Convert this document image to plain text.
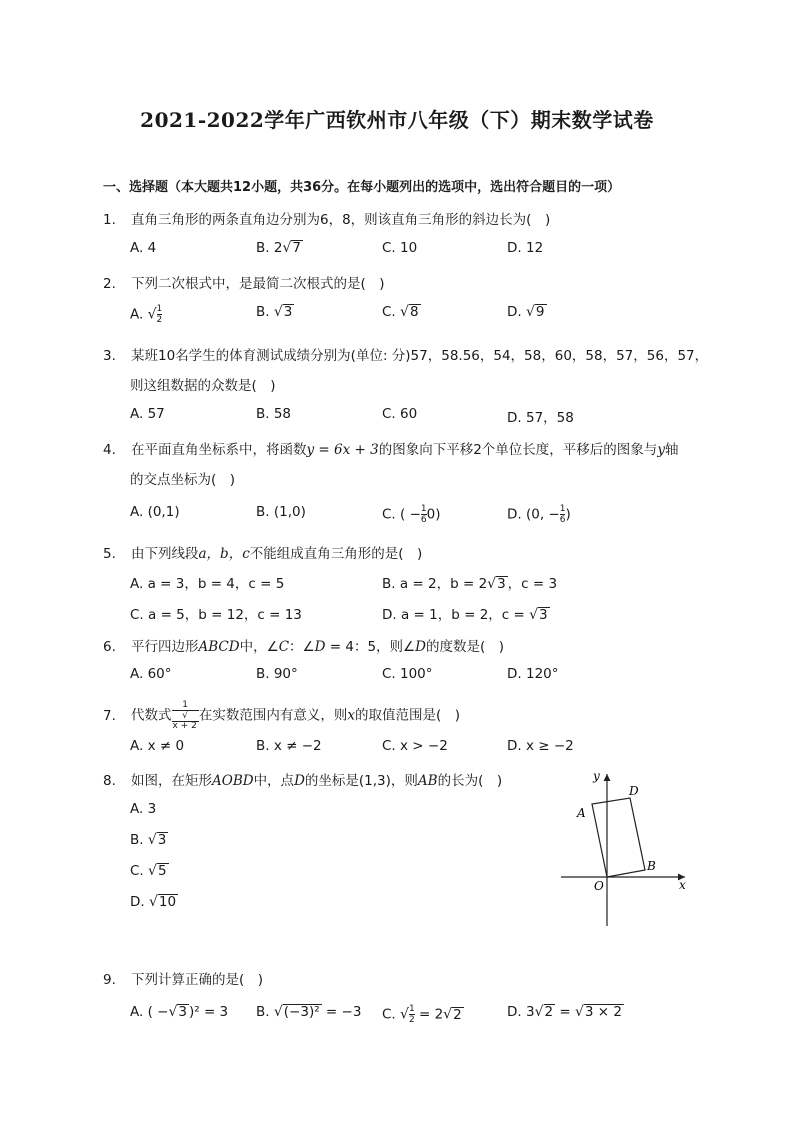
2021-2022学年广西钦州市八年级（下）期末数学试卷
一、选择题（本大题共12小题，共36分。在每小题列出的选项中，选出符合题目的一项）
1. 直角三角形的两条直角边分别为6，8，则该直角三角形的斜边长为(　)
A. 4	B. 2√7	C. 10	D. 12
2. 下列二次根式中，是最简二次根式的是(　)
A. √ $\frac{1}{2}$	B. √3	C. √8	D. √9
3. 某班10名学生的体育测试成绩分别为(单位: 分)57，58.56，54，58，60，58，57，56，57，
则这组数据的众数是(　)
A. 57	B. 58	C. 60	D. 57，58
4. 在平面直角坐标系中，将函数y = 6x + 3的图象向下平移2个单位长度，平移后的图象与y轴
的交点坐标为(　)
A. (0,1)	B. (1,0)	C. ( − $\frac{1}{6} 0$)	D. (0, − $\frac{1}{6}$ )
5. 由下列线段a，b，c不能组成直角三角形的是(　)
A. a = 3，b = 4，c = 5	B. a = 2，b = 2√3 ，c = 3
C. a = 5，b = 12，c = 13	D. a = 1，b = 2，c = √3
6. 平行四边形ABCD中，∠C：∠D = 4：5，则∠D的度数是(　)
A. 60°	B. 90°	C. 100°	D. 120°
7. 代数式 1
√
x + 2 在实数范围内有意义，则x的取值范围是(　)
A. x ≠ 0	B. x ≠ −2	C. x > −2	D. x ≥ −2
8. 如图，在矩形AOBD中，点D的坐标是(1,3)，则AB的长为(　)
A. 3
B. √3
C. √5
D. √10
y
x
O
A
B
D
9. 下列计算正确的是(　)
A. ( −√3 )² = 3 B. √(−3)² = −3 C. √ $\frac{1}{2} = 2√2$	D. 3√2 = √3 × 2
